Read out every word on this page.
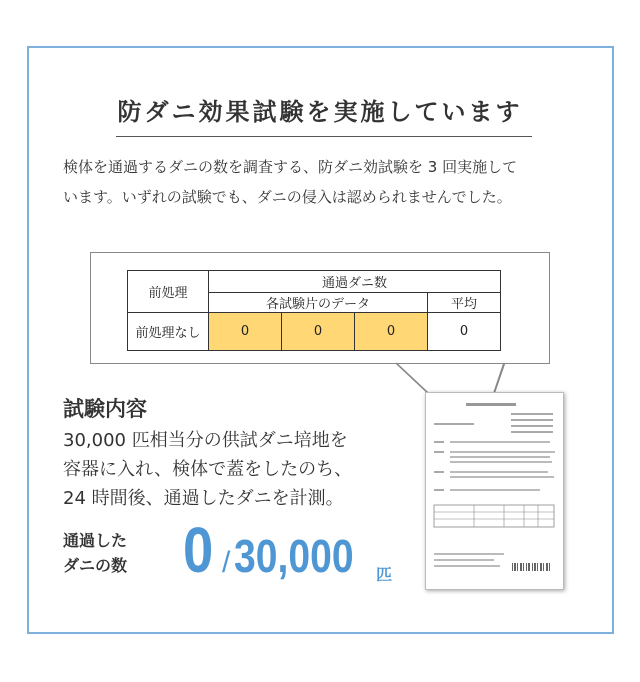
防ダニ効果試験を実施しています
検体を通過するダニの数を調査する、防ダニ効試験を 3 回実施して
います。いずれの試験でも、ダニの侵入は認められませんでした。
前処理	通過ダニ数			
	各試験片のデータ			平均
前処理なし	0	0	0	0
試験内容
30,000 匹相当分の供試ダニ培地を
容器に入れ、検体で蓋をしたのち、
24 時間後、通過したダニを計測。
通過した
ダニの数 0 / 30,000 匹
